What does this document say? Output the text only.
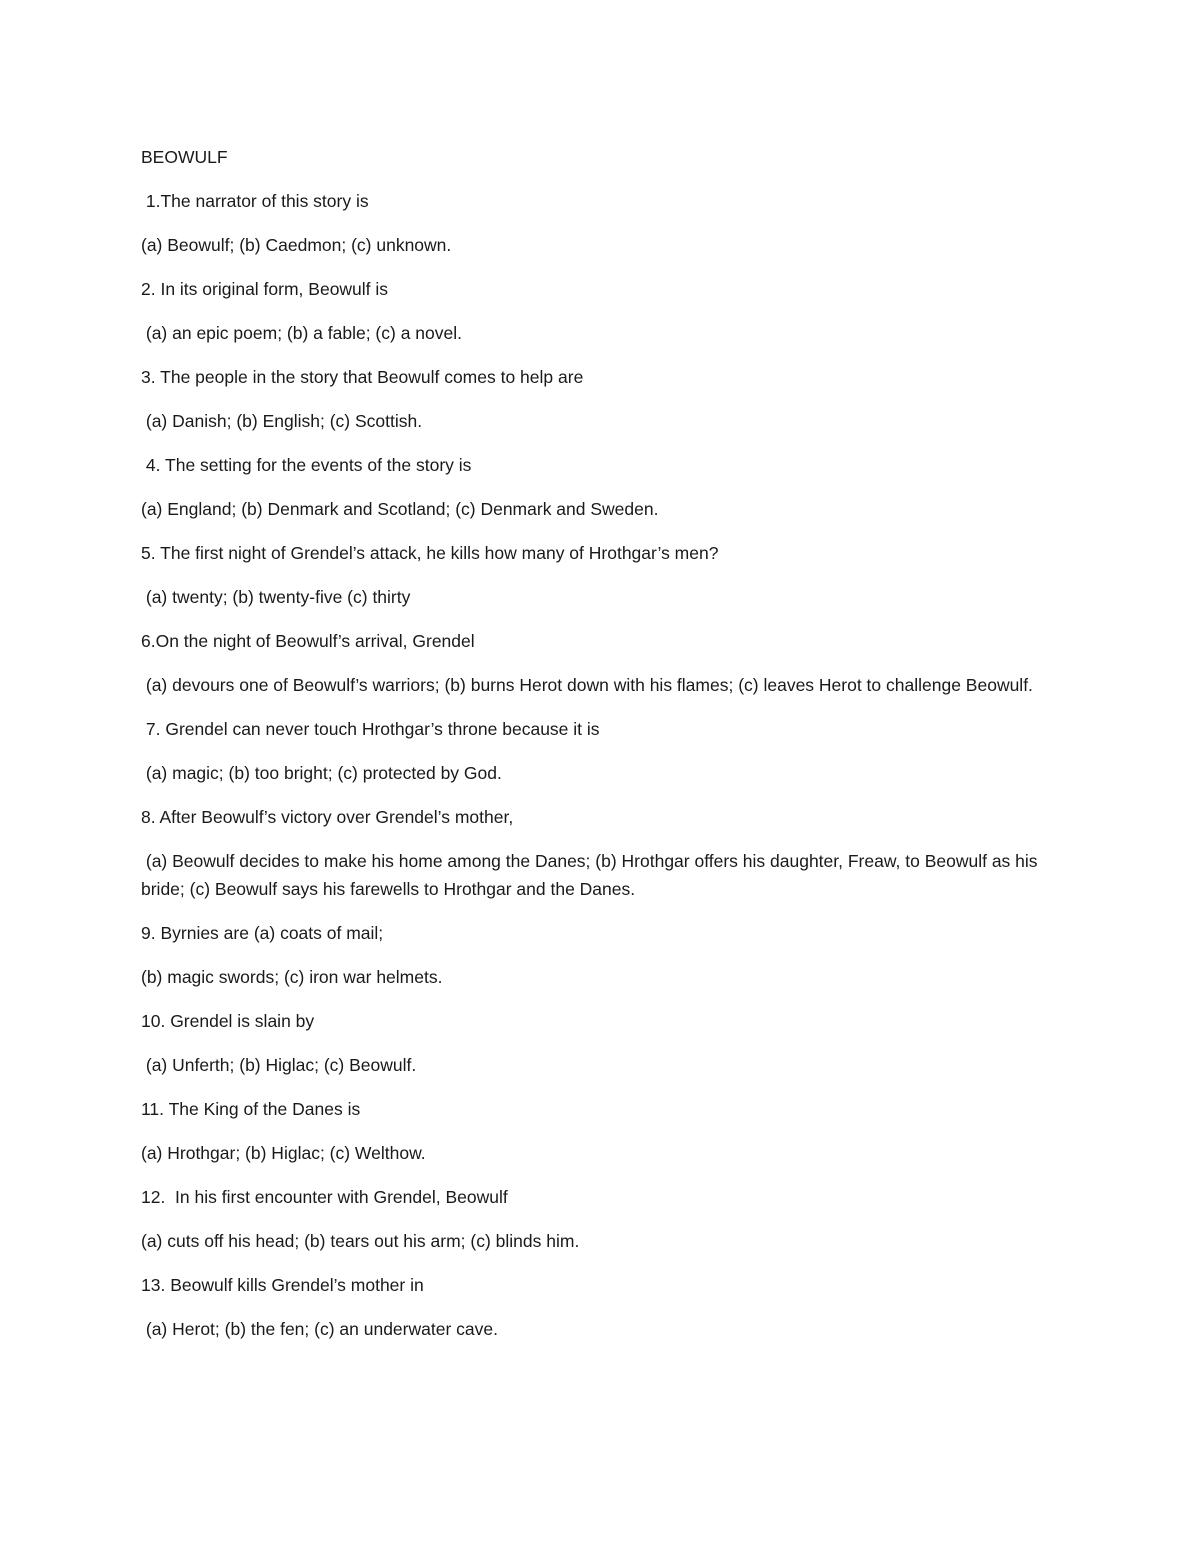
BEOWULF
1.The narrator of this story is
(a) Beowulf; (b) Caedmon; (c) unknown.
2. In its original form, Beowulf is
(a) an epic poem; (b) a fable; (c) a novel.
3. The people in the story that Beowulf comes to help are
(a) Danish; (b) English; (c) Scottish.
4. The setting for the events of the story is
(a) England; (b) Denmark and Scotland; (c) Denmark and Sweden.
5. The first night of Grendel’s attack, he kills how many of Hrothgar’s men?
(a) twenty; (b) twenty-five (c) thirty
6.On the night of Beowulf’s arrival, Grendel
(a) devours one of Beowulf’s warriors; (b) burns Herot down with his flames; (c) leaves Herot to challenge Beowulf.
7. Grendel can never touch Hrothgar’s throne because it is
(a) magic; (b) too bright; (c) protected by God.
8. After Beowulf’s victory over Grendel’s mother,
(a) Beowulf decides to make his home among the Danes; (b) Hrothgar offers his daughter, Freaw, to Beowulf as his bride; (c) Beowulf says his farewells to Hrothgar and the Danes.
9. Byrnies are (a) coats of mail;
(b) magic swords; (c) iron war helmets.
10. Grendel is slain by
(a) Unferth; (b) Higlac; (c) Beowulf.
11. The King of the Danes is
(a) Hrothgar; (b) Higlac; (c) Welthow.
12.  In his first encounter with Grendel, Beowulf
(a) cuts off his head; (b) tears out his arm; (c) blinds him.
13. Beowulf kills Grendel’s mother in
(a) Herot; (b) the fen; (c) an underwater cave.
